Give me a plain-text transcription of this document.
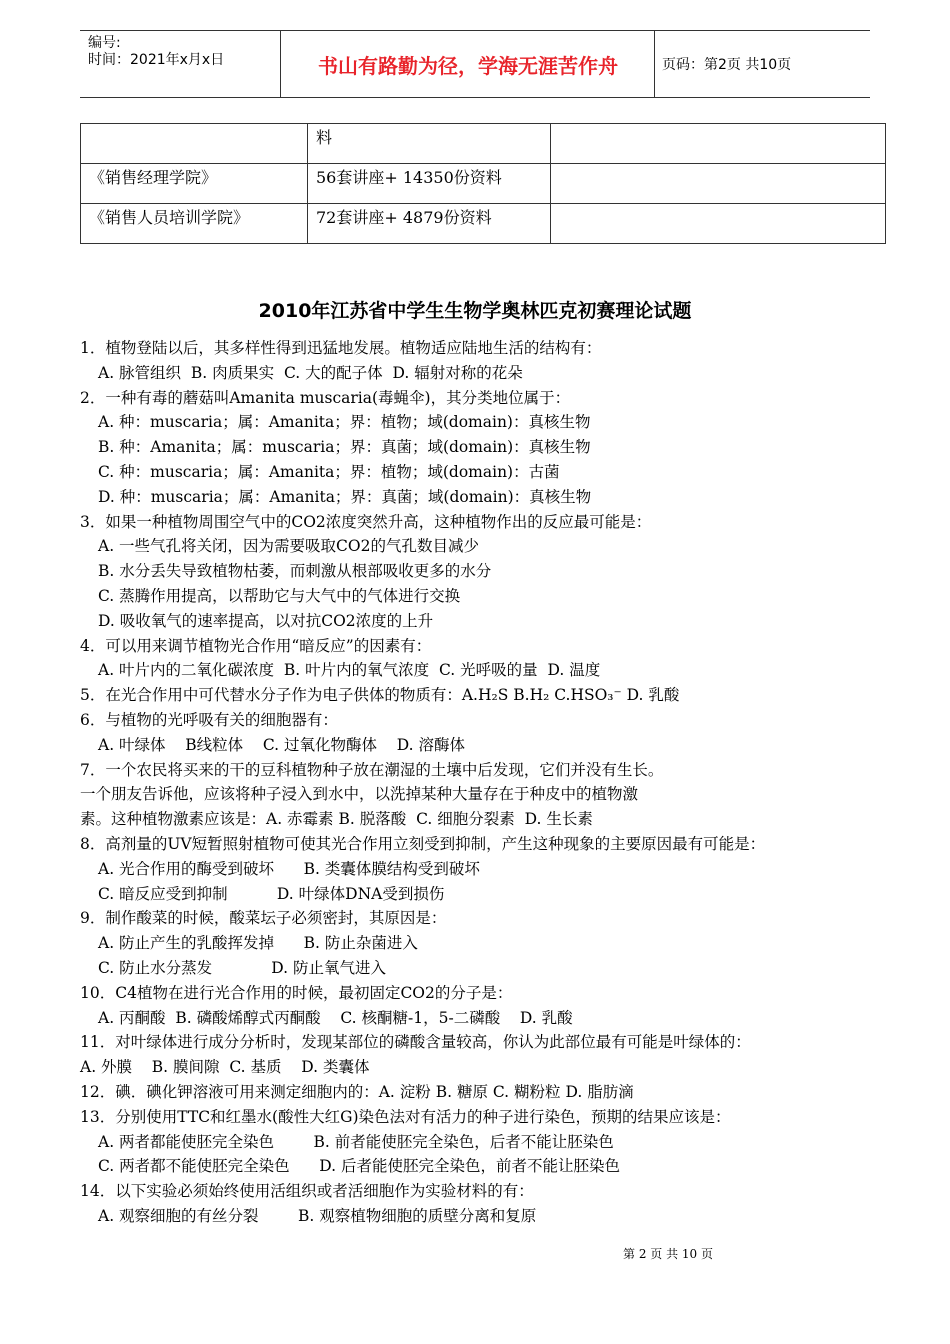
编号:
时间：2021年x月x日	书山有路勤为径，学海无涯苦作舟	页码：第2页 共10页
	料	
《销售经理学院》	56套讲座+ 14350份资料	
《销售人员培训学院》	72套讲座+ 4879份资料	
2010年江苏省中学生生物学奥林匹克初赛理论试题
1．植物登陆以后，其多样性得到迅猛地发展。植物适应陆地生活的结构有：
A. 脉管组织  B. 肉质果实  C. 大的配子体  D. 辐射对称的花朵
2．一种有毒的蘑菇叫Amanita muscaria(毒蝇伞)，其分类地位属于：
A. 种：muscaria；属：Amanita；界：植物；域(domain)：真核生物
B. 种：Amanita；属：muscaria；界：真菌；域(domain)：真核生物
C. 种：muscaria；属：Amanita；界：植物；域(domain)：古菌
D. 种：muscaria；属：Amanita；界：真菌；域(domain)：真核生物
3．如果一种植物周围空气中的CO2浓度突然升高，这种植物作出的反应最可能是：
A. 一些气孔将关闭，因为需要吸取CO2的气孔数目减少
B. 水分丢失导致植物枯萎，而刺激从根部吸收更多的水分
C. 蒸腾作用提高，以帮助它与大气中的气体进行交换
D. 吸收氧气的速率提高，以对抗CO2浓度的上升
4．可以用来调节植物光合作用“暗反应”的因素有：
A. 叶片内的二氧化碳浓度  B. 叶片内的氧气浓度  C. 光呼吸的量  D. 温度
5．在光合作用中可代替水分子作为电子供体的物质有：A.H₂S B.H₂ C.HSO₃⁻ D. 乳酸
6．与植物的光呼吸有关的细胞器有：
A. 叶绿体    B线粒体    C. 过氧化物酶体    D. 溶酶体
7．一个农民将买来的干的豆科植物种子放在潮湿的土壤中后发现，它们并没有生长。
一个朋友告诉他，应该将种子浸入到水中，以洗掉某种大量存在于种皮中的植物激
素。这种植物激素应该是：A. 赤霉素 B. 脱落酸  C. 细胞分裂素  D. 生长素
8．高剂量的UV短暂照射植物可使其光合作用立刻受到抑制，产生这种现象的主要原因最有可能是：
A. 光合作用的酶受到破坏      B. 类囊体膜结构受到破坏
C. 暗反应受到抑制          D. 叶绿体DNA受到损伤
9．制作酸菜的时候，酸菜坛子必须密封，其原因是：
A. 防止产生的乳酸挥发掉      B. 防止杂菌进入
C. 防止水分蒸发            D. 防止氧气进入
10．C4植物在进行光合作用的时候，最初固定CO2的分子是：
A. 丙酮酸  B. 磷酸烯醇式丙酮酸    C. 核酮糖-1，5-二磷酸    D. 乳酸
11．对叶绿体进行成分分析时，发现某部位的磷酸含量较高，你认为此部位最有可能是叶绿体的：
A. 外膜    B. 膜间隙  C. 基质    D. 类囊体
12．碘．碘化钾溶液可用来测定细胞内的：A. 淀粉 B. 糖原 C. 糊粉粒 D. 脂肪滴
13．分别使用TTC和红墨水(酸性大红G)染色法对有活力的种子进行染色，预期的结果应该是：
A. 两者都能使胚完全染色        B. 前者能使胚完全染色，后者不能让胚染色
C. 两者都不能使胚完全染色      D. 后者能使胚完全染色，前者不能让胚染色
14．以下实验必须始终使用活组织或者活细胞作为实验材料的有：
A. 观察细胞的有丝分裂        B. 观察植物细胞的质壁分离和复原
第 2 页 共 10 页
